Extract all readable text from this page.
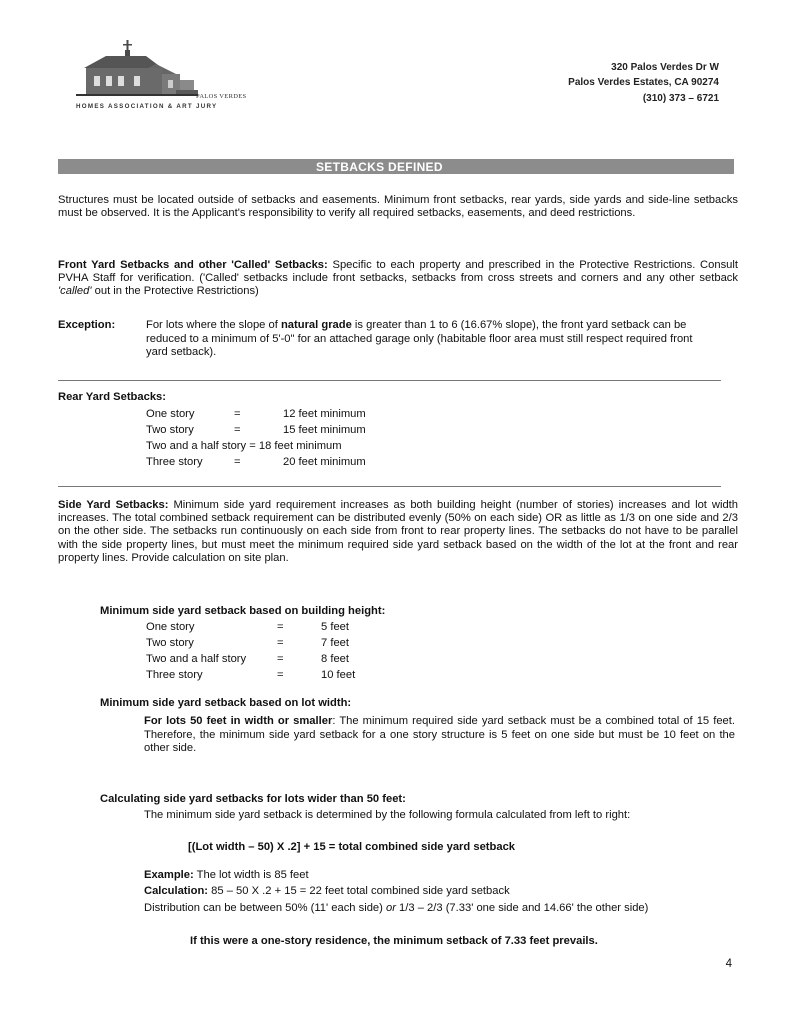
PALOS VERDES
HOMES ASSOCIATION & ART JURY
320 Palos Verdes Dr W
Palos Verdes Estates, CA 90274
(310) 373 – 6721
SETBACKS DEFINED
Structures must be located outside of setbacks and easements. Minimum front setbacks, rear yards, side yards and side-line setbacks must be observed. It is the Applicant's responsibility to verify all required setbacks, easements, and deed restrictions.
Front Yard Setbacks and other 'Called' Setbacks: Specific to each property and prescribed in the Protective Restrictions. Consult PVHA Staff for verification. ('Called' setbacks include front setbacks, setbacks from cross streets and corners and any other setback 'called' out in the Protective Restrictions)
Exception:	For lots where the slope of natural grade is greater than 1 to 6 (16.67% slope), the front yard setback can be reduced to a minimum of 5'-0" for an attached garage only (habitable floor area must still respect required front yard setback).
Rear Yard Setbacks:
One story	=	12 feet minimum
Two story	=	15 feet minimum
Two and a half story = 18 feet minimum
Three story	=	20 feet minimum
Side Yard Setbacks: Minimum side yard requirement increases as both building height (number of stories) increases and lot width increases. The total combined setback requirement can be distributed evenly (50% on each side) OR as little as 1/3 on one side and 2/3 on the other side. The setbacks run continuously on each side from front to rear property lines. The setbacks do not have to be parallel with the side property lines, but must meet the minimum required side yard setback based on the width of the lot at the front and rear property lines. Provide calculation on site plan.
Minimum side yard setback based on building height:
One story	=	5 feet
Two story	=	7 feet
Two and a half story	=	8 feet
Three story	=	10 feet
Minimum side yard setback based on lot width:
For lots 50 feet in width or smaller: The minimum required side yard setback must be a combined total of 15 feet. Therefore, the minimum side yard setback for a one story structure is 5 feet on one side but must be 10 feet on the other side.
Calculating side yard setbacks for lots wider than 50 feet:
The minimum side yard setback is determined by the following formula calculated from left to right:
[(Lot width – 50) X .2] + 15 = total combined side yard setback
Example: The lot width is 85 feet
Calculation: 85 – 50 X .2 + 15 = 22 feet total combined side yard setback
Distribution can be between 50% (11' each side) or 1/3 – 2/3 (7.33' one side and 14.66' the other side)
If this were a one-story residence, the minimum setback of 7.33 feet prevails.
4
